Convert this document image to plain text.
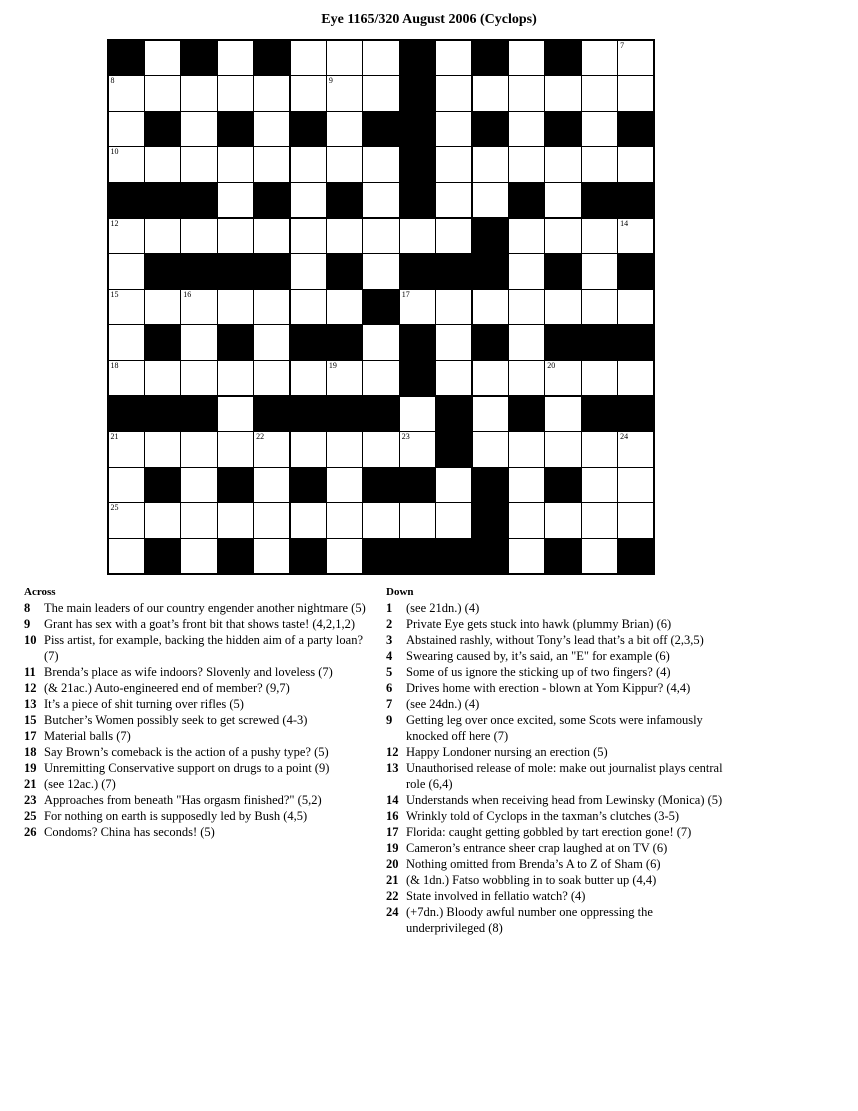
Eye 1165/320 August 2006 (Cyclops)
7
8	9
10
12	14
15	16	17
18	19	20
21	22	23	24
25
Across
8	The main leaders of our country engender another nightmare (5)
9	Grant has sex with a goat’s front bit that shows taste! (4,2,1,2)
10 Piss artist, for example, backing the hidden aim of a party loan? (7)
11 Brenda’s place as wife indoors? Slovenly and loveless (7)
12 (& 21ac.) Auto-engineered end of member? (9,7)
13 It’s a piece of shit turning over rifles (5)
15 Butcher’s Women possibly seek to get screwed (4-3)
17 Material balls (7)
18 Say Brown’s comeback is the action of a pushy type? (5)
19 Unremitting Conservative support on drugs to a point (9)
21 (see 12ac.) (7)
23 Approaches from beneath "Has orgasm finished?" (5,2)
25 For nothing on earth is supposedly led by Bush (4,5)
26 Condoms? China has seconds! (5)
Down
1	(see 21dn.) (4)
2	Private Eye gets stuck into hawk (plummy Brian) (6)
3	Abstained rashly, without Tony’s lead that’s a bit off (2,3,5)
4	Swearing caused by, it’s said, an "E" for example (6)
5	Some of us ignore the sticking up of two fingers? (4)
6	Drives home with erection - blown at Yom Kippur? (4,4)
7	(see 24dn.) (4)
9	Getting leg over once excited, some Scots were infamously knocked off here (7)
12 Happy Londoner nursing an erection (5)
13 Unauthorised release of mole: make out journalist plays central role (6,4)
14 Understands when receiving head from Lewinsky (Monica) (5)
16 Wrinkly told of Cyclops in the taxman’s clutches (3-5)
17 Florida: caught getting gobbled by tart erection gone! (7)
19 Cameron’s entrance sheer crap laughed at on TV (6)
20 Nothing omitted from Brenda’s A to Z of Sham (6)
21 (& 1dn.) Fatso wobbling in to soak butter up (4,4)
22 State involved in fellatio watch? (4)
24 (+7dn.) Bloody awful number one oppressing the underprivileged (8)
